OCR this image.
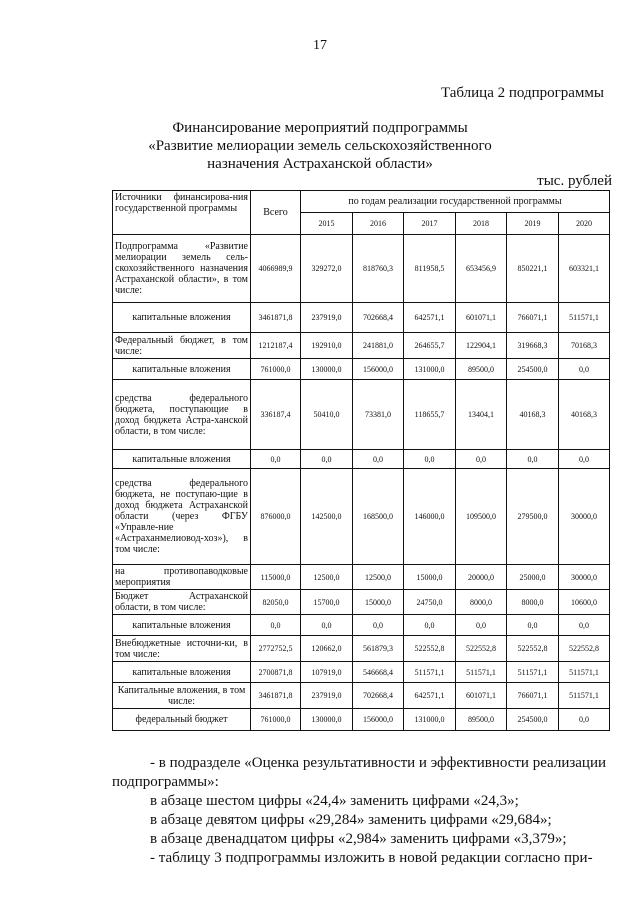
17
Таблица 2 подпрограммы
Финансирование мероприятий подпрограммы
«Развитие мелиорации земель сельскохозяйственного
назначения Астраханской области»
тыс. рублей
Источники финансирова-ния государственной программы	Всего	по годам реализации государственной программы					
		2015	2016	2017	2018	2019	2020
Подпрограмма «Развитие мелиорации земель сель-скохозяйственного назначения Астраханской области», в том числе:	4066989,9	329272,0	818760,3	811958,5	653456,9	850221,1	603321,1
капитальные вложения	3461871,8	237919,0	702668,4	642571,1	601071,1	766071,1	511571,1
Федеральный бюджет, в том числе:	1212187,4	192910,0	241881,0	264655,7	122904,1	319668,3	70168,3
капитальные вложения	761000,0	130000,0	156000,0	131000,0	89500,0	254500,0	0,0
средства федерального бюджета, поступающие в доход бюджета Астра-ханской области, в том числе:	336187,4	50410,0	73381,0	118655,7	13404,1	40168,3	40168,3
капитальные вложения	0,0	0,0	0,0	0,0	0,0	0,0	0,0
средства федерального бюджета, не поступаю-щие в доход бюджета Астраханской области (через ФГБУ «Управле-ние «Астраханмелиовод-хоз»), в том числе:	876000,0	142500,0	168500,0	146000,0	109500,0	279500,0	30000,0
на противопаводковые мероприятия	115000,0	12500,0	12500,0	15000,0	20000,0	25000,0	30000,0
Бюджет Астраханской области, в том числе:	82050,0	15700,0	15000,0	24750,0	8000,0	8000,0	10600,0
капитальные вложения	0,0	0,0	0,0	0,0	0,0	0,0	0,0
Внебюджетные источни-ки, в том числе:	2772752,5	120662,0	561879,3	522552,8	522552,8	522552,8	522552,8
капитальные вложения	2700871,8	107919,0	546668,4	511571,1	511571,1	511571,1	511571,1
Капитальные вложения, в том числе:	3461871,8	237919,0	702668,4	642571,1	601071,1	766071,1	511571,1
федеральный бюджет	761000,0	130000,0	156000,0	131000,0	89500,0	254500,0	0,0

- в подразделе «Оценка результативности и эффективности реализации подпрограммы»:

в абзаце шестом цифры «24,4» заменить цифрами «24,3»;

в абзаце девятом цифры «29,284» заменить цифрами «29,684»;

в абзаце двенадцатом цифры «2,984» заменить цифрами «3,379»;

- таблицу 3 подпрограммы изложить в новой редакции согласно при-
